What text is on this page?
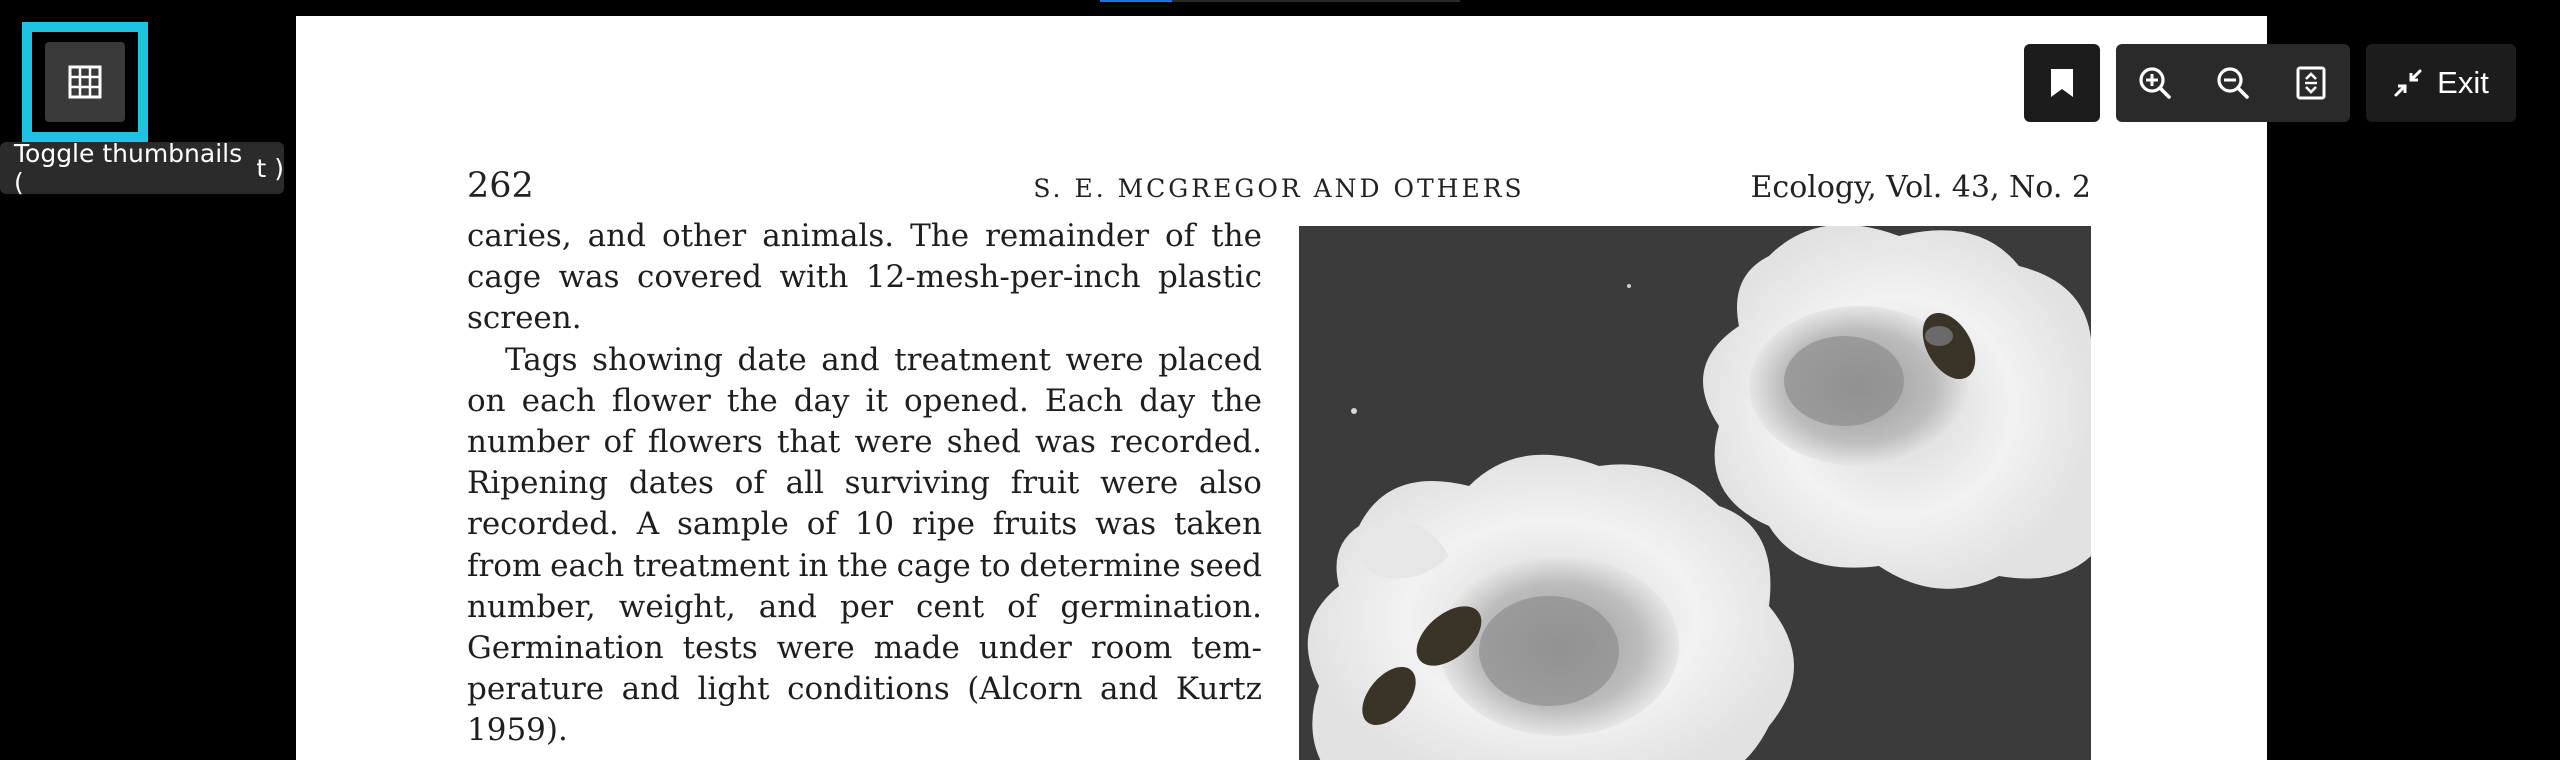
Toggle thumbnails (	t )	262	S. E. MCGREGOR AND OTHERS	Ecology, Vol. 43, No. 2
caries, and other animals. The remainder of the
cage was covered with 12-mesh-per-inch plastic
screen.
Tags showing date and treatment were placed
on each flower the day it opened. Each day the
number of flowers that were shed was recorded.
Ripening dates of all surviving fruit were also
recorded. A sample of 10 ripe fruits was taken
from each treatment in the cage to determine seed
number, weight, and per cent of germination.
Germination tests were made under room tem-
perature and light conditions (Alcorn and Kurtz
1959).
Exit
